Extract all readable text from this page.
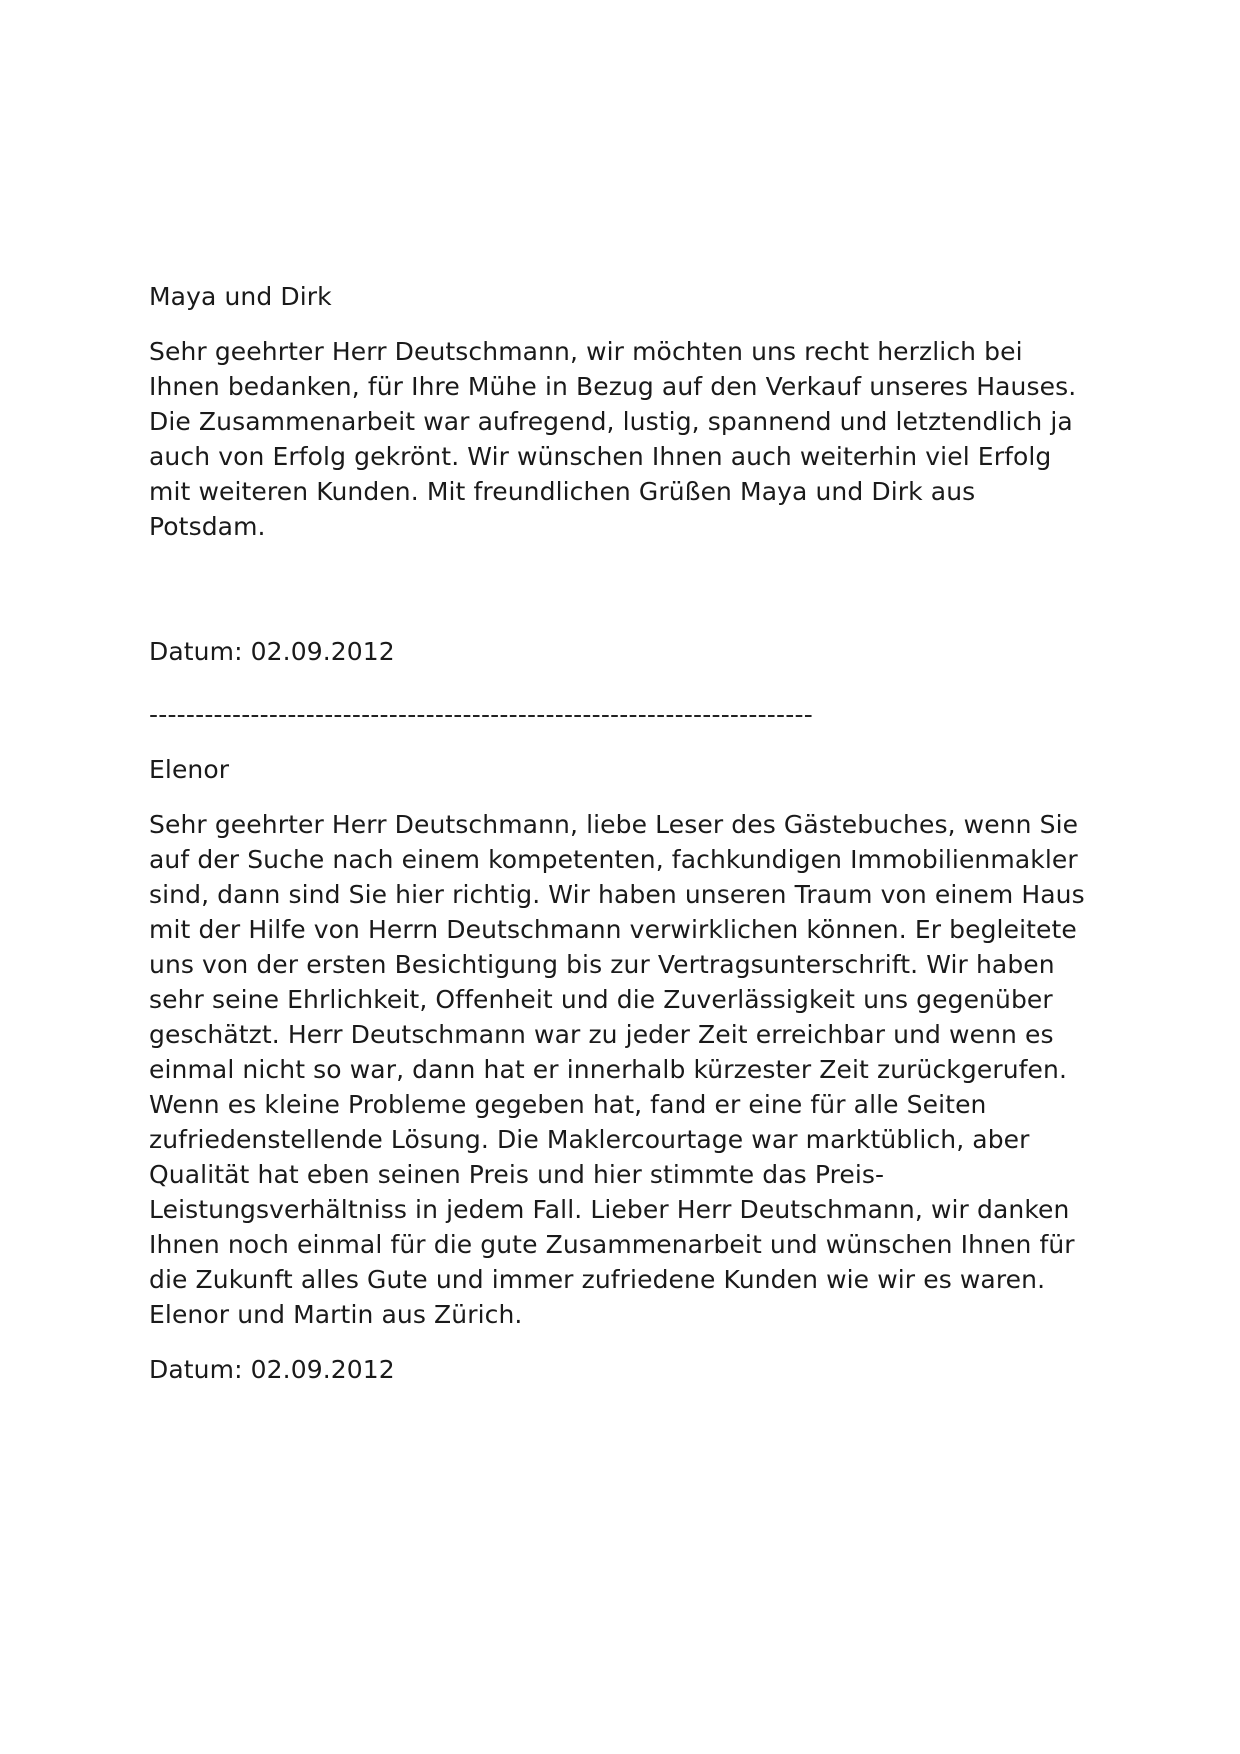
Maya und Dirk
Sehr geehrter Herr Deutschmann, wir möchten uns recht herzlich bei
Ihnen bedanken, für Ihre Mühe in Bezug auf den Verkauf unseres Hauses.
Die Zusammenarbeit war aufregend, lustig, spannend und letztendlich ja
auch von Erfolg gekrönt. Wir wünschen Ihnen auch weiterhin viel Erfolg
mit weiteren Kunden. Mit freundlichen Grüßen Maya und Dirk aus
Potsdam.
Datum: 02.09.2012
------------------------------------------------------------------------
Elenor
Sehr geehrter Herr Deutschmann, liebe Leser des Gästebuches, wenn Sie
auf der Suche nach einem kompetenten, fachkundigen Immobilienmakler
sind, dann sind Sie hier richtig. Wir haben unseren Traum von einem Haus
mit der Hilfe von Herrn Deutschmann verwirklichen können. Er begleitete
uns von der ersten Besichtigung bis zur Vertragsunterschrift. Wir haben
sehr seine Ehrlichkeit, Offenheit und die Zuverlässigkeit uns gegenüber
geschätzt. Herr Deutschmann war zu jeder Zeit erreichbar und wenn es
einmal nicht so war, dann hat er innerhalb kürzester Zeit zurückgerufen.
Wenn es kleine Probleme gegeben hat, fand er eine für alle Seiten
zufriedenstellende Lösung. Die Maklercourtage war marktüblich, aber
Qualität hat eben seinen Preis und hier stimmte das Preis-
Leistungsverhältniss in jedem Fall. Lieber Herr Deutschmann, wir danken
Ihnen noch einmal für die gute Zusammenarbeit und wünschen Ihnen für
die Zukunft alles Gute und immer zufriedene Kunden wie wir es waren.
Elenor und Martin aus Zürich.
Datum: 02.09.2012
